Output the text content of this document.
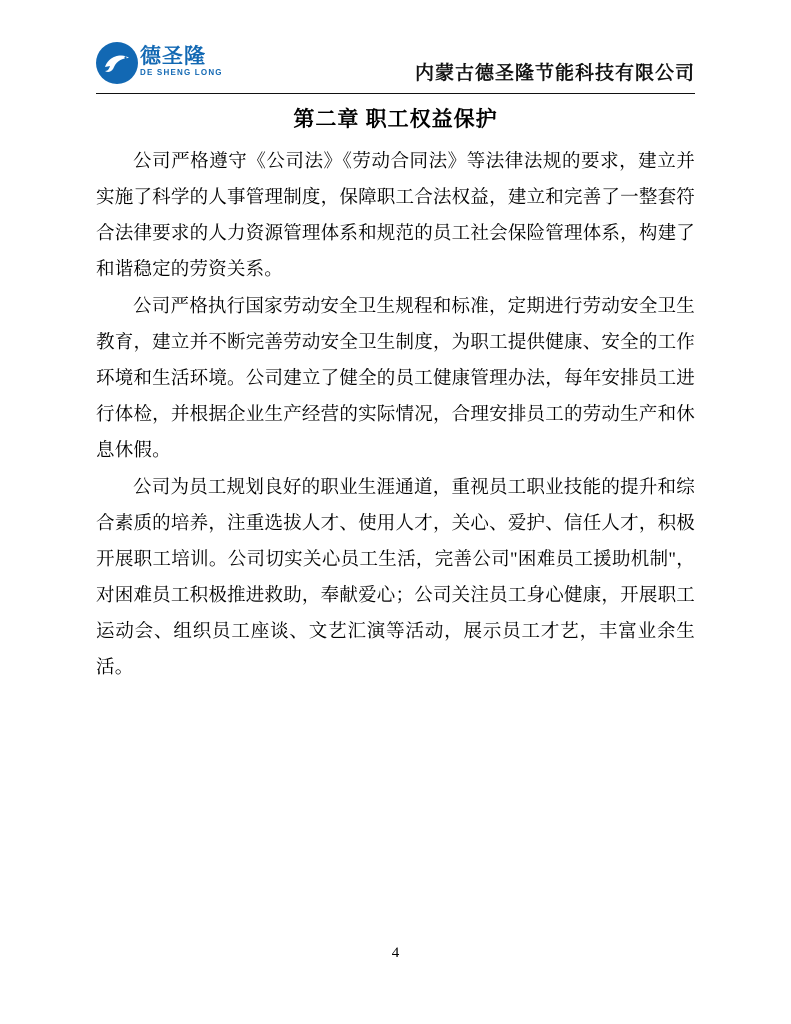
德圣隆
DE SHENG LONG	内蒙古德圣隆节能科技有限公司
第二章 职工权益保护

公司严格遵守《公司法》《劳动合同法》等法律法规的要求，建立并实施了科学的人事管理制度，保障职工合法权益，建立和完善了一整套符合法律要求的人力资源管理体系和规范的员工社会保险管理体系，构建了和谐稳定的劳资关系。

公司严格执行国家劳动安全卫生规程和标准，定期进行劳动安全卫生教育，建立并不断完善劳动安全卫生制度，为职工提供健康、安全的工作环境和生活环境。公司建立了健全的员工健康管理办法，每年安排员工进行体检，并根据企业生产经营的实际情况，合理安排员工的劳动生产和休息休假。

公司为员工规划良好的职业生涯通道，重视员工职业技能的提升和综合素质的培养，注重选拔人才、使用人才，关心、爱护、信任人才，积极开展职工培训。公司切实关心员工生活，完善公司"困难员工援助机制"，对困难员工积极推进救助，奉献爱心；公司关注员工身心健康，开展职工运动会、组织员工座谈、文艺汇演等活动，展示员工才艺，丰富业余生活。

4
